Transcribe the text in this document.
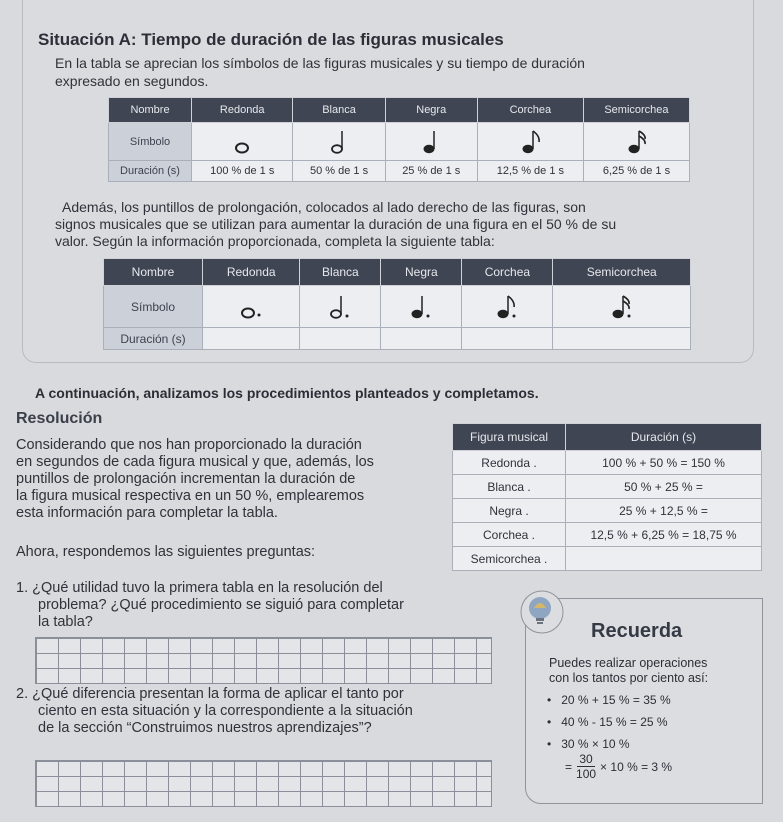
Situación A: Tiempo de duración de las figuras musicales
En la tabla se aprecian los símbolos de las figuras musicales y su tiempo de duración
expresado en segundos.
Nombre	Redonda	Blanca	Negra	Corchea	Semicorchea
Símbolo	

Duración (s)	100 % de 1 s	50 % de 1 s	25 % de 1 s	12,5 % de 1 s	6,25 % de 1 s
Además, los puntillos de prolongación, colocados al lado derecho de las figuras, son
signos musicales que se utilizan para aumentar la duración de una figura en el 50 % de su
valor. Según la información proporcionada, completa la siguiente tabla:
Nombre	Redonda	Blanca	Negra	Corchea	Semicorchea
Símbolo	

Duración (s)					
A continuación, analizamos los procedimientos planteados y completamos.
Resolución
Considerando que nos han proporcionado la duración
en segundos de cada figura musical y que, además, los
puntillos de prolongación incrementan la duración de
la figura musical respectiva en un 50 %, emplearemos
esta información para completar la tabla.
Figura musical	Duración (s)
Redonda .	100 % + 50 % = 150 %
Blanca .	50 % + 25 % =
Negra .	25 % + 12,5 % =
Corchea .	12,5 % + 6,25 % = 18,75 %
Semicorchea .	
Ahora, respondemos las siguientes preguntas:
1. ¿Qué utilidad tuvo la primera tabla en la resolución del
problema? ¿Qué procedimiento se siguió para completar
la tabla?
2. ¿Qué diferencia presentan la forma de aplicar el tanto por
ciento en esta situación y la correspondiente a la situación
de la sección “Construimos nuestros aprendizajes”?
Recuerda
Puedes realizar operaciones
con los tantos por ciento así:
•   20 % + 15 % = 35 %
•   40 % - 15 % = 25 %
•   30 % × 10 %
= $\frac{30}{100} \times 10$ % = 3 %
